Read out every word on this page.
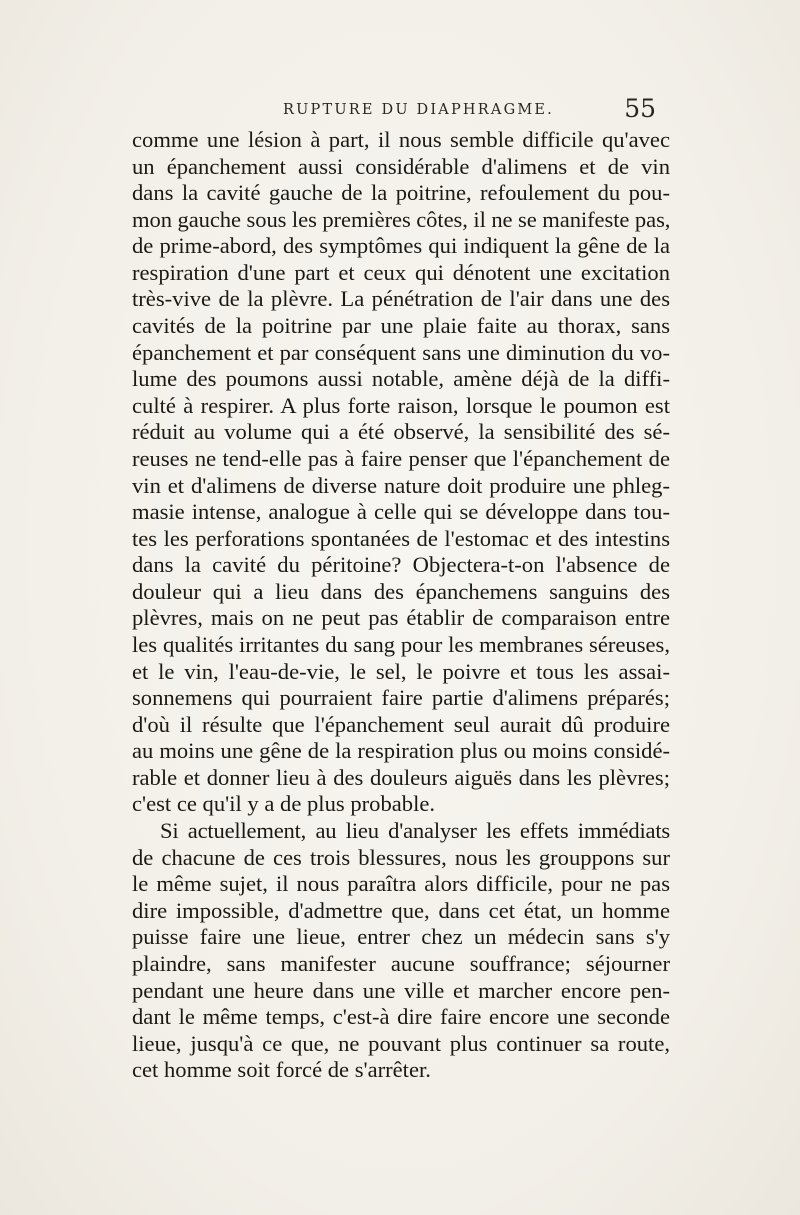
RUPTURE DU DIAPHRAGME.	55
comme une lésion à part, il nous semble difficile qu'avec
un épanchement aussi considérable d'alimens et de vin
dans la cavité gauche de la poitrine, refoulement du pou-
mon gauche sous les premières côtes, il ne se manifeste pas,
de prime-abord, des symptômes qui indiquent la gêne de la
respiration d'une part et ceux qui dénotent une excitation
très-vive de la plèvre. La pénétration de l'air dans une des
cavités de la poitrine par une plaie faite au thorax, sans
épanchement et par conséquent sans une diminution du vo-
lume des poumons aussi notable, amène déjà de la diffi-
culté à respirer. A plus forte raison, lorsque le poumon est
réduit au volume qui a été observé, la sensibilité des sé-
reuses ne tend-elle pas à faire penser que l'épanchement de
vin et d'alimens de diverse nature doit produire une phleg-
masie intense, analogue à celle qui se développe dans tou-
tes les perforations spontanées de l'estomac et des intestins
dans la cavité du péritoine? Objectera-t-on l'absence de
douleur qui a lieu dans des épanchemens sanguins des
plèvres, mais on ne peut pas établir de comparaison entre
les qualités irritantes du sang pour les membranes séreuses,
et le vin, l'eau-de-vie, le sel, le poivre et tous les assai-
sonnemens qui pourraient faire partie d'alimens préparés;
d'où il résulte que l'épanchement seul aurait dû produire
au moins une gêne de la respiration plus ou moins considé-
rable et donner lieu à des douleurs aiguës dans les plèvres;
c'est ce qu'il y a de plus probable.
Si actuellement, au lieu d'analyser les effets immédiats
de chacune de ces trois blessures, nous les grouppons sur
le même sujet, il nous paraîtra alors difficile, pour ne pas
dire impossible, d'admettre que, dans cet état, un homme
puisse faire une lieue, entrer chez un médecin sans s'y
plaindre, sans manifester aucune souffrance; séjourner
pendant une heure dans une ville et marcher encore pen-
dant le même temps, c'est-à dire faire encore une seconde
lieue, jusqu'à ce que, ne pouvant plus continuer sa route,
cet homme soit forcé de s'arrêter.
